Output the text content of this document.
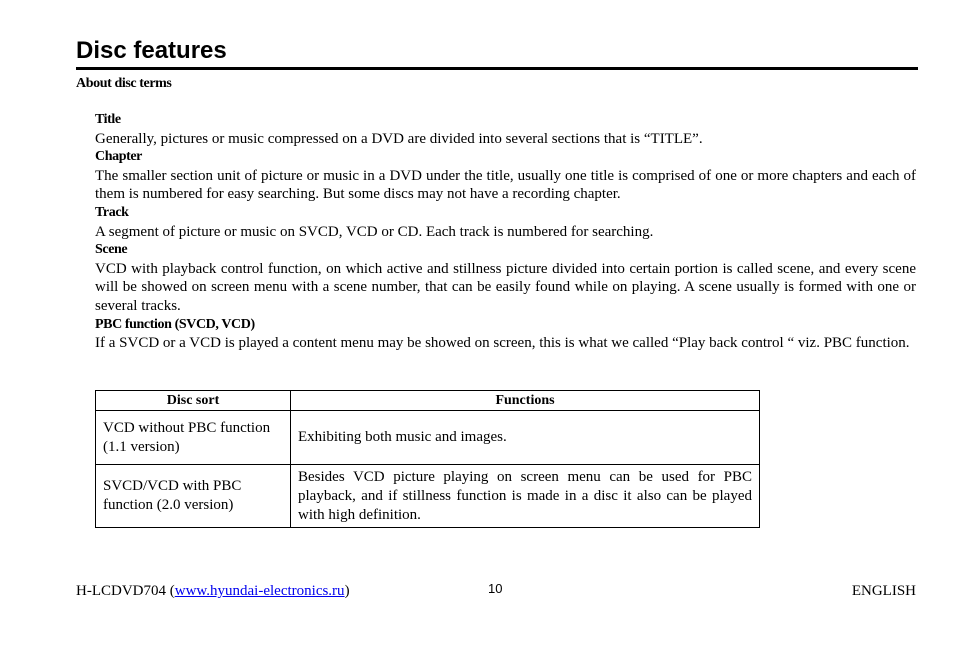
Disc features
About disc terms
Title
Generally, pictures or music compressed on a DVD are divided into several sections that is “TITLE”.
Chapter
The smaller section unit of picture or music in a DVD under the title, usually one title is comprised of one or more chapters and each of them is numbered for easy searching. But some discs may not have a recording chapter.
Track
A segment of picture or music on SVCD, VCD or CD. Each track is numbered for searching.
Scene
VCD with playback control function, on which active and stillness picture divided into certain portion is called scene, and every scene will be showed on screen menu with a scene number, that can be easily found while on playing. A scene usually is formed with one or several tracks.
PBC function (SVCD, VCD)
If a SVCD or a VCD is played a content menu may be showed on screen, this is what we called “Play back control “ viz. PBC function.
Disc sort	Functions
VCD without PBC function (1.1 version)	Exhibiting both music and images.
SVCD/VCD with PBC function (2.0 version)	Besides VCD picture playing on screen menu can be used for PBC playback, and if stillness function is made in a disc it also can be played with high definition.
H-LCDVD704 (www.hyundai-electronics.ru)	10	ENGLISH
